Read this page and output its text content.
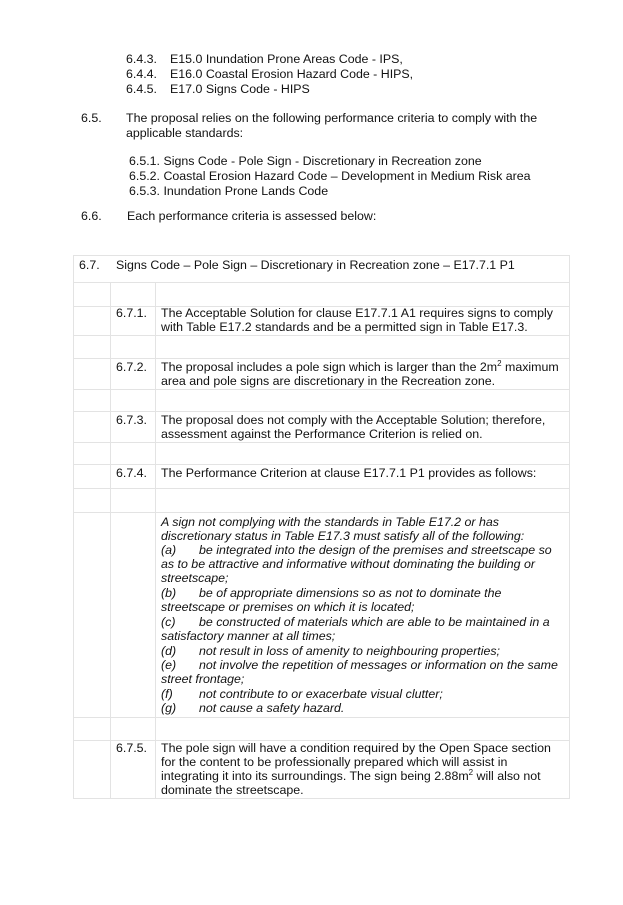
6.4.3. E15.0 Inundation Prone Areas Code - IPS,
6.4.4. E16.0 Coastal Erosion Hazard Code - HIPS,
6.4.5. E17.0 Signs Code - HIPS
6.5. The proposal relies on the following performance criteria to comply with the
applicable standards:
6.5.1. Signs Code - Pole Sign - Discretionary in Recreation zone
6.5.2. Coastal Erosion Hazard Code – Development in Medium Risk area
6.5.3. Inundation Prone Lands Code
6.6. Each performance criteria is assessed below:
6.7. Signs Code – Pole Sign – Discretionary in Recreation zone – E17.7.1 P1
6.7.1. The Acceptable Solution for clause E17.7.1 A1 requires signs to comply
with Table E17.2 standards and be a permitted sign in Table E17.3.
6.7.2. The proposal includes a pole sign which is larger than the $2m^2$ maximum
area and pole signs are discretionary in the Recreation zone.
6.7.3. The proposal does not comply with the Acceptable Solution; therefore,
assessment against the Performance Criterion is relied on.
6.7.4. The Performance Criterion at clause E17.7.1 P1 provides as follows:
A sign not complying with the standards in Table E17.2 or has
discretionary status in Table E17.3 must satisfy all of the following:
(a) be integrated into the design of the premises and streetscape so
as to be attractive and informative without dominating the building or
streetscape;
(b) be of appropriate dimensions so as not to dominate the
streetscape or premises on which it is located;
(c) be constructed of materials which are able to be maintained in a
satisfactory manner at all times;
(d) not result in loss of amenity to neighbouring properties;
(e) not involve the repetition of messages or information on the same
street frontage;
(f) not contribute to or exacerbate visual clutter;
(g) not cause a safety hazard.
6.7.5. The pole sign will have a condition required by the Open Space section
for the content to be professionally prepared which will assist in
integrating it into its surroundings. The sign being $2.88m^2$ will also not
dominate the streetscape.
